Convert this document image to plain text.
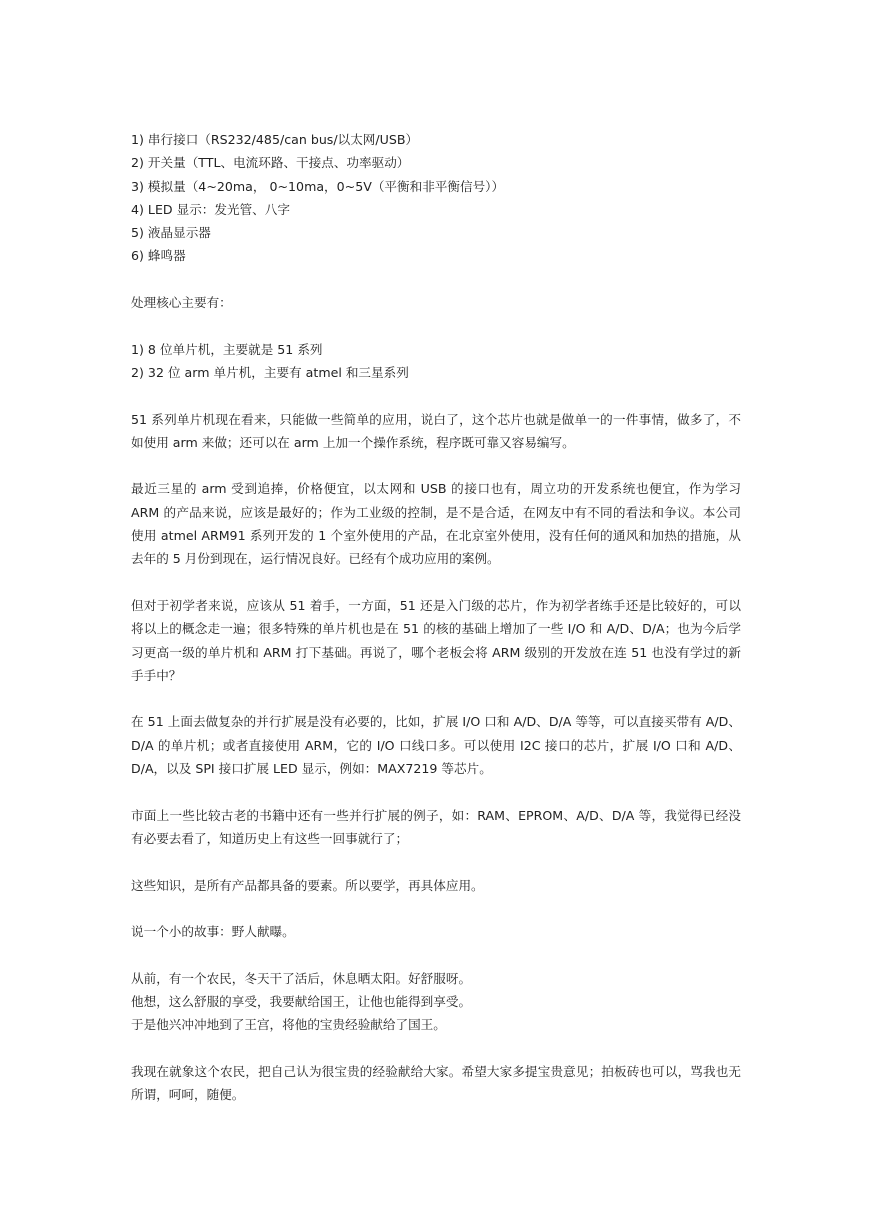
1) 串行接口（RS232/485/can bus/以太网/USB）
2) 开关量（TTL、电流环路、干接点、功率驱动）
3) 模拟量（4~20ma， 0~10ma，0~5V（平衡和非平衡信号））
4) LED 显示：发光管、八字
5) 液晶显示器
6) 蜂鸣器
处理核心主要有：
1) 8 位单片机，主要就是 51 系列
2) 32 位 arm 单片机，主要有 atmel 和三星系列
51 系列单片机现在看来，只能做一些简单的应用，说白了，这个芯片也就是做单一的一件事情，做多了，不如使用 arm 来做；还可以在 arm 上加一个操作系统，程序既可靠又容易编写。
最近三星的 arm 受到追捧，价格便宜，以太网和 USB 的接口也有，周立功的开发系统也便宜，作为学习 ARM 的产品来说，应该是最好的；作为工业级的控制，是不是合适，在网友中有不同的看法和争议。本公司使用 atmel ARM91 系列开发的 1 个室外使用的产品，在北京室外使用，没有任何的通风和加热的措施，从去年的 5 月份到现在，运行情况良好。已经有个成功应用的案例。
但对于初学者来说，应该从 51 着手，一方面，51 还是入门级的芯片，作为初学者练手还是比较好的，可以将以上的概念走一遍；很多特殊的单片机也是在 51 的核的基础上增加了一些 I/O 和 A/D、D/A；也为今后学习更高一级的单片机和 ARM 打下基础。再说了，哪个老板会将 ARM 级别的开发放在连 51 也没有学过的新手手中？
在 51 上面去做复杂的并行扩展是没有必要的，比如，扩展 I/O 口和 A/D、D/A 等等，可以直接买带有 A/D、D/A 的单片机；或者直接使用 ARM，它的 I/O 口线口多。可以使用 I2C 接口的芯片，扩展 I/O 口和 A/D、D/A，以及 SPI 接口扩展 LED 显示，例如：MAX7219 等芯片。
市面上一些比较古老的书籍中还有一些并行扩展的例子，如：RAM、EPROM、A/D、D/A 等，我觉得已经没有必要去看了，知道历史上有这些一回事就行了；
这些知识，是所有产品都具备的要素。所以要学，再具体应用。
说一个小的故事：野人献曝。
从前，有一个农民，冬天干了活后，休息晒太阳。好舒服呀。
他想，这么舒服的享受，我要献给国王，让他也能得到享受。
于是他兴冲冲地到了王宫，将他的宝贵经验献给了国王。
我现在就象这个农民，把自己认为很宝贵的经验献给大家。希望大家多提宝贵意见；拍板砖也可以，骂我也无所谓，呵呵，随便。
